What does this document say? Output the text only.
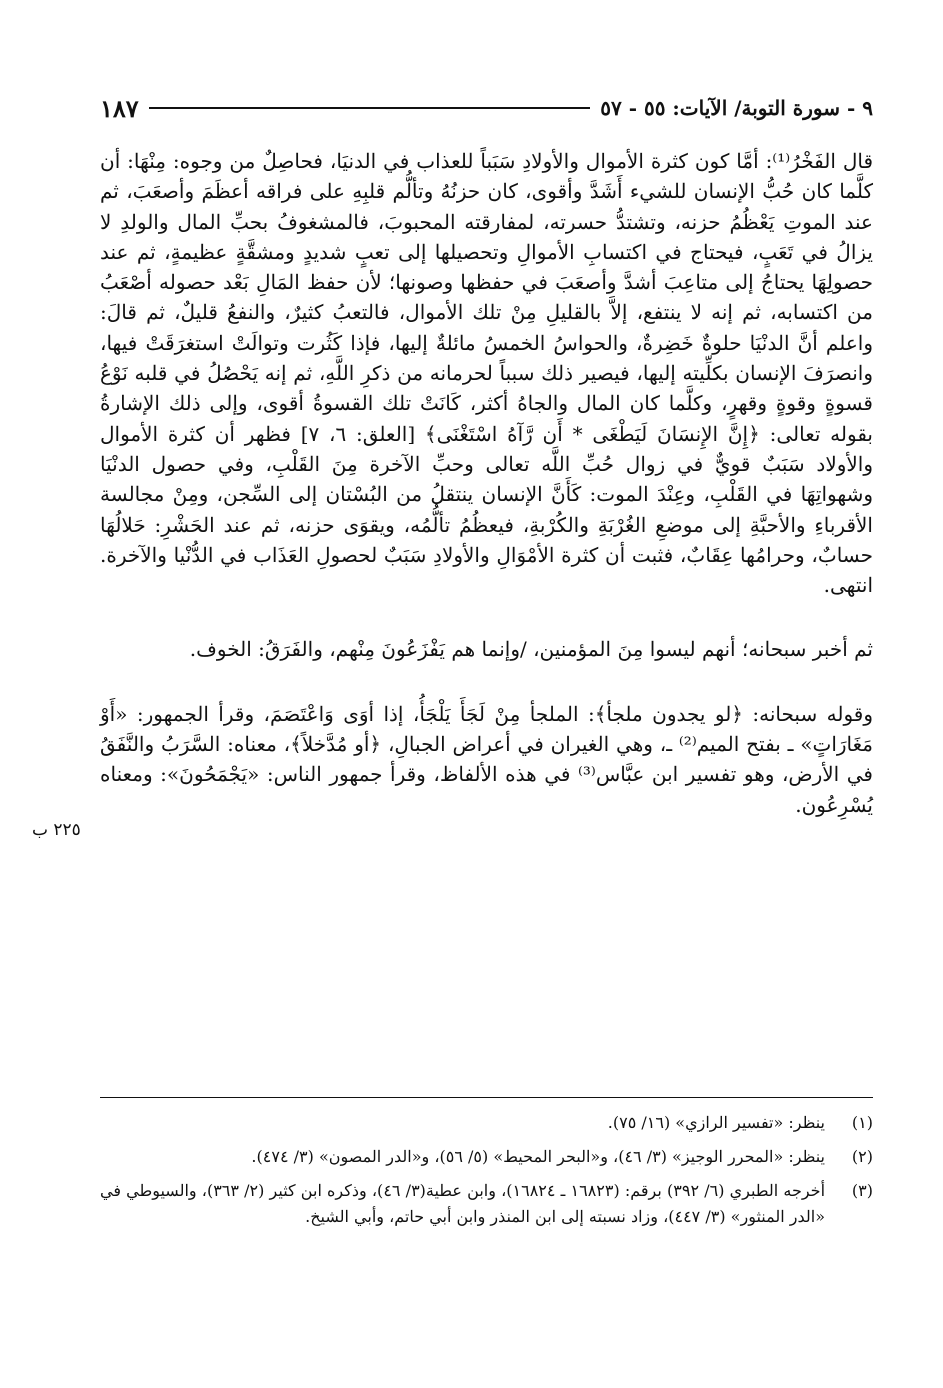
٩ - سورة التوبة/ الآيات: ٥٥ - ٥٧
١٨٧

قال الفَخْرُ⁽¹⁾: أمَّا كون كثرة الأموال والأولادِ سَبَباً للعذاب في الدنيَا، فحاصِلٌ من وجوه: مِنْهَا: أن كلَّما كان حُبُّ الإنسان للشيء أَشَدَّ وأقوى، كان حزنُهُ وتألُّم قلبِهِ على فراقه أعظَمَ وأصعَبَ، ثم عند الموتِ يَعْظُمُ حزنه، وتشتدُّ حسرته، لمفارقته المحبوبَ، فالمشغوفُ بحبِّ المال والولدِ لا يزالُ في تَعَبٍ، فيحتاج في اكتسابِ الأموالِ وتحصيلها إلى تعبٍ شديدٍ ومشقَّةٍ عظيمةٍ، ثم عند حصولِهَا يحتاجُ إلى متاعِبَ أشدَّ وأصعَبَ في حفظها وصونها؛ لأن حفظ المَالِ بَعْد حصوله أصْعَبُ من اكتسابه، ثم إنه لا ينتفع، إلاَّ بالقليلِ مِنْ تلك الأموال، فالتعبُ كثيرٌ، والنفعُ قليلٌ، ثم قالَ: واعلم أنَّ الدنْيَا حلوةٌ خَضِرةٌ، والحواسُ الخمسُ مائلةٌ إليها، فإذا كَثُرت وتوالَتْ استغرَقَتْ فيها، وانصرَفَ الإنسان بكلِّيته إليها، فيصير ذلك سبباً لحرمانه من ذكرِ اللَّهِ، ثم إنه يَحْصُلُ في قلبه نَوْعُ قسوةٍ وقوةٍ وقهرٍ، وكلَّما كان المال والجاهُ أكثر، كَانَتْ تلك القسوةُ أقوى، وإلى ذلك الإشارةُ بقوله تعالى: ﴿إِنَّ الإِنسَانَ لَيَطْغَى * أَن رَّآهُ اسْتَغْنَى﴾ [العلق: ٦، ٧] فظهر أن كثرة الأموال والأولاد سَبَبٌ قويٌّ في زوال حُبِّ اللَّه تعالى وحبِّ الآخرة مِنَ القَلْبِ، وفي حصول الدنْيَا وشهواتِهَا في القَلْبِ، وعِنْدَ الموت: كَأَنَّ الإنسان ينتقلُ من البُسْتان إلى السِّجن، ومِنْ مجالسة الأقرباءِ والأحبَّةِ إلى موضعِ الغُرْبَةِ والكُرْبةِ، فيعظُمُ تألُّمُه، ويقوَى حزنه، ثم عند الحَشْرِ: حَلالُهَا حسابٌ، وحرامُها عِقَابٌ، فثبت أن كثرة الأمْوَالِ والأولادِ سَبَبٌ لحصولِ العَذَاب في الدُّنْيا والآخرة. انتهى.

ثم أخبر سبحانه؛ أنهم ليسوا مِنَ المؤمنين، /وإنما هم يَفْزَعُونَ مِنْهم، والفَرَقُ: الخوف.

وقوله سبحانه: ﴿لو يجدون ملجأ﴾: الملجأ مِنْ لَجَأَ يَلْجَأُ، إذا أوَى وَاعْتَصَمَ، وقرأ الجمهور: «أَوْ مَغَارَاتٍ» ـ بفتح الميم⁽²⁾ ـ، وهي الغيران في أعراض الجبالِ، ﴿أو مُدَّخلاً﴾، معناه: السَّرَبُ والنَّفَقُ في الأرض، وهو تفسير ابن عبَّاس⁽³⁾ في هذه الألفاظ، وقرأ جمهور الناس: «يَجْمَحُونَ»: ومعناه يُسْرِعُون.

٢٢٥ ب
(١)
ينظر: «تفسير الرازي» (١٦/ ٧٥).
(٢)
ينظر: «المحرر الوجيز» (٣/ ٤٦)، و«البحر المحيط» (٥/ ٥٦)، و«الدر المصون» (٣/ ٤٧٤).
(٣)
أخرجه الطبري (٦/ ٣٩٢) برقم: (١٦٨٢٣ ـ ١٦٨٢٤)، وابن عطية(٣/ ٤٦)، وذكره ابن كثير (٢/ ٣٦٣)، والسيوطي في «الدر المنثور» (٣/ ٤٤٧)، وزاد نسبته إلى ابن المنذر وابن أبي حاتم، وأبي الشيخ.
